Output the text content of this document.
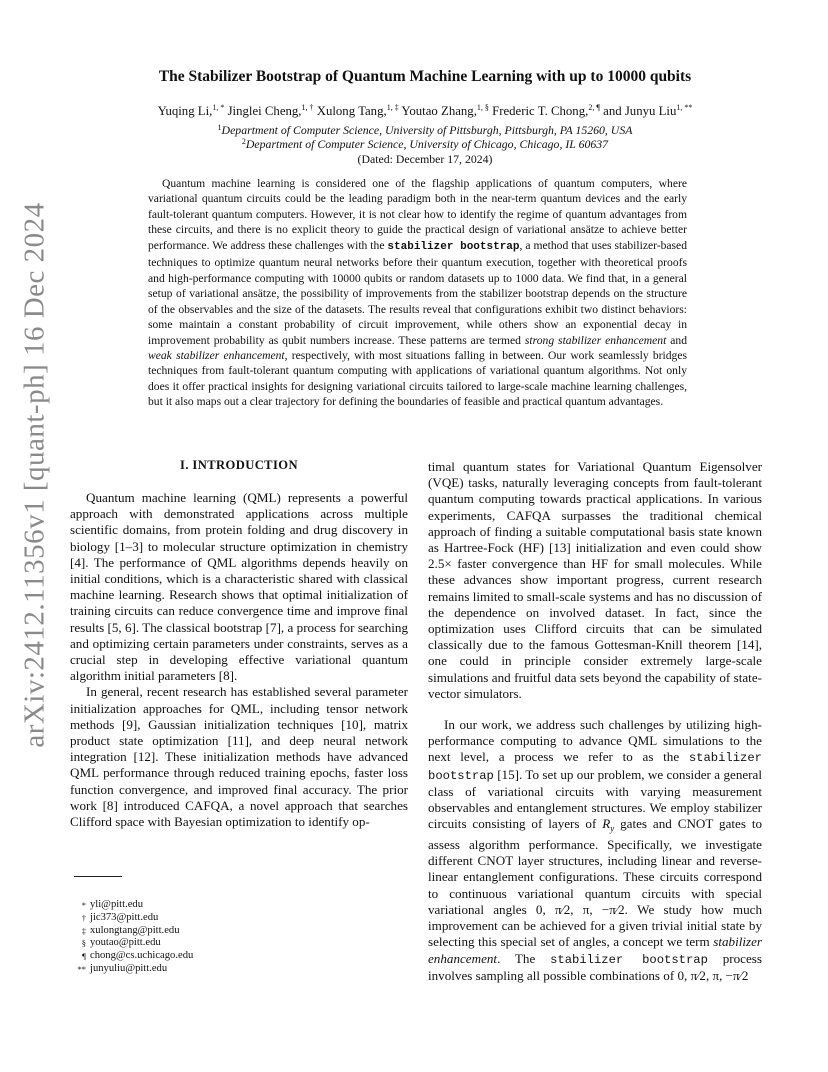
arXiv:2412.11356v1 [quant-ph] 16 Dec 2024
The Stabilizer Bootstrap of Quantum Machine Learning with up to 10000 qubits
Yuqing Li,$^{1, *}$ Jinglei Cheng,$^{1, \dagger}$ Xulong Tang,$^{1, \ddagger}$ Youtao Zhang,$^{1, \S}$ Frederic T. Chong,$^{2, \P}$ and Junyu Liu$^{1, **}$
$^1$Department of Computer Science, University of Pittsburgh, Pittsburgh, PA 15260, USA
$^2$Department of Computer Science, University of Chicago, Chicago, IL 60637
(Dated: December 17, 2024)
Quantum machine learning is considered one of the flagship applications of quantum computers, where variational quantum circuits could be the leading paradigm both in the near-term quantum devices and the early fault-tolerant quantum computers. However, it is not clear how to identify the regime of quantum advantages from these circuits, and there is no explicit theory to guide the practical design of variational ansätze to achieve better performance. We address these challenges with the stabilizer bootstrap, a method that uses stabilizer-based techniques to optimize quantum neural networks before their quantum execution, together with theoretical proofs and high-performance computing with 10000 qubits or random datasets up to 1000 data. We find that, in a general setup of variational ansätze, the possibility of improvements from the stabilizer bootstrap depends on the structure of the observables and the size of the datasets. The results reveal that configurations exhibit two distinct behaviors: some maintain a constant probability of circuit improvement, while others show an exponential decay in improvement probability as qubit numbers increase. These patterns are termed strong stabilizer enhancement and weak stabilizer enhancement, respectively, with most situations falling in between. Our work seamlessly bridges techniques from fault-tolerant quantum computing with applications of variational quantum algorithms. Not only does it offer practical insights for designing variational circuits tailored to large-scale machine learning challenges, but it also maps out a clear trajectory for defining the boundaries of feasible and practical quantum advantages.
I. INTRODUCTION

Quantum machine learning (QML) represents a powerful approach with demonstrated applications across multiple scientific domains, from protein folding and drug discovery in biology [1–3] to molecular structure optimization in chemistry [4]. The performance of QML algorithms depends heavily on initial conditions, which is a characteristic shared with classical machine learning. Research shows that optimal initialization of training circuits can reduce convergence time and improve final results [5, 6]. The classical bootstrap [7], a process for searching and optimizing certain parameters under constraints, serves as a crucial step in developing effective variational quantum algorithm initial parameters [8].

In general, recent research has established several parameter initialization approaches for QML, including tensor network methods [9], Gaussian initialization techniques [10], matrix product state optimization [11], and deep neural network integration [12]. These initialization methods have advanced QML performance through reduced training epochs, faster loss function convergence, and improved final accuracy. The prior work [8] introduced CAFQA, a novel approach that searches Clifford space with Bayesian optimization to identify op-

timal quantum states for Variational Quantum Eigensolver (VQE) tasks, naturally leveraging concepts from fault-tolerant quantum computing towards practical applications. In various experiments, CAFQA surpasses the traditional chemical approach of finding a suitable computational basis state known as Hartree-Fock (HF) [13] initialization and even could show 2.5× faster convergence than HF for small molecules. While these advances show important progress, current research remains limited to small-scale systems and has no discussion of the dependence on involved dataset. In fact, since the optimization uses Clifford circuits that can be simulated classically due to the famous Gottesman-Knill theorem [14], one could in principle consider extremely large-scale simulations and fruitful data sets beyond the capability of state-vector simulators.

In our work, we address such challenges by utilizing high-performance computing to advance QML simulations to the next level, a process we refer to as the stabilizer bootstrap [15]. To set up our problem, we consider a general class of variational circuits with varying measurement observables and entanglement structures. We employ stabilizer circuits consisting of layers of $R_y$ gates and CNOT gates to assess algorithm performance. Specifically, we investigate different CNOT layer structures, including linear and reverse-linear entanglement configurations. These circuits correspond to continuous variational quantum circuits with special variational angles 0, π⁄2, π, −π⁄2. We study how much improvement can be achieved for a given trivial initial state by selecting this special set of angles, a concept we term stabilizer enhancement. The stabilizer bootstrap process involves sampling all possible combinations of 0, π⁄2, π, −π⁄2

* yli@pitt.edu
† jic373@pitt.edu
‡ xulongtang@pitt.edu
§ youtao@pitt.edu
¶ chong@cs.uchicago.edu
** junyuliu@pitt.edu
